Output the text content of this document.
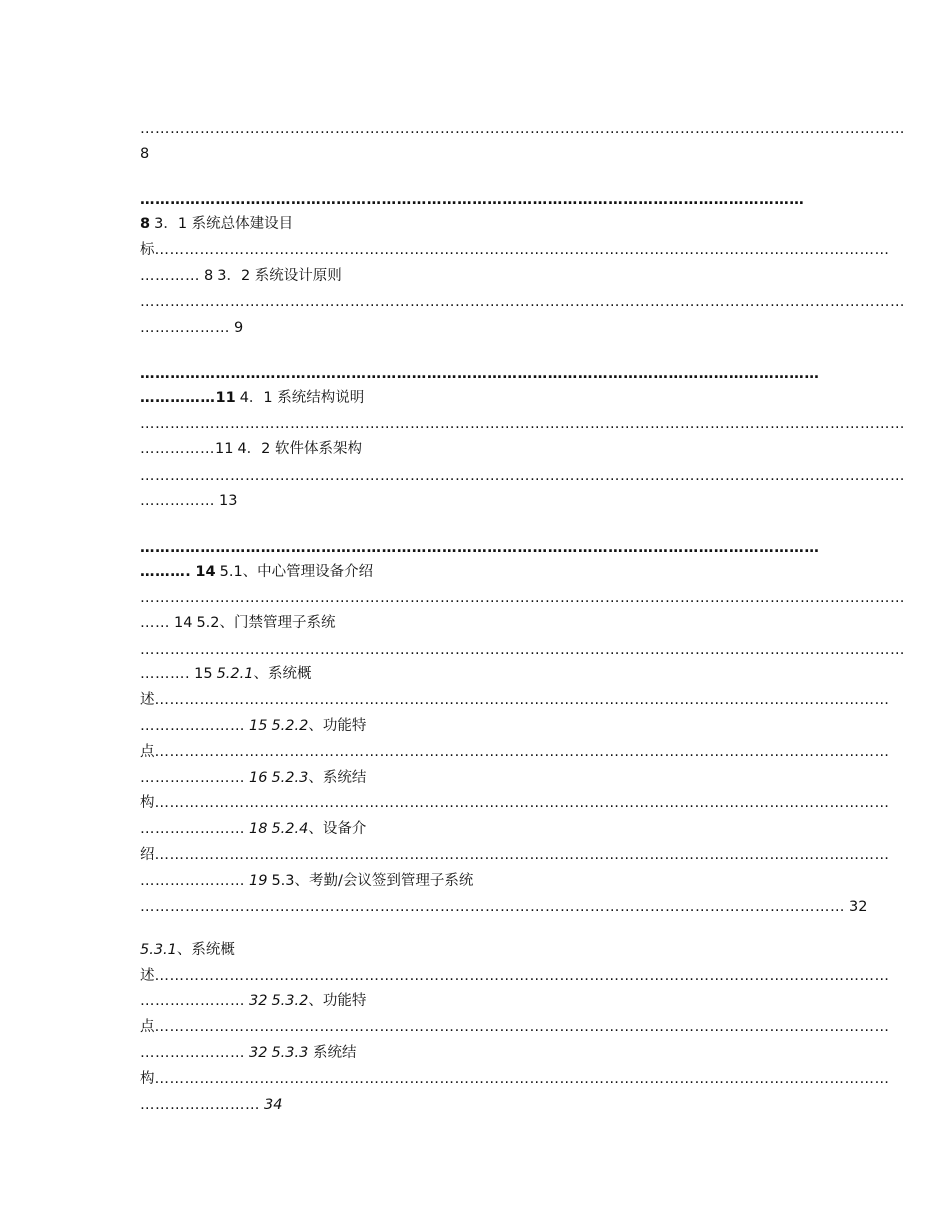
………………………………………………………………………………………………………………………………………
8
……………………………………………………………………………………………………………………
8 3．1 系统总体建设目
标…………………………………………………………………………………………………………………………………
………… 8 3．2 系统设计原则
………………………………………………………………………………………………………………………………………
……………… 9
………………………………………………………………………………………………………………………
……………11 4．1 系统结构说明
………………………………………………………………………………………………………………………………………
……………11 4．2 软件体系架构
………………………………………………………………………………………………………………………………………
…………… 13
………………………………………………………………………………………………………………………
………. 14 5.1、中心管理设备介绍
………………………………………………………………………………………………………………………………………
…… 14 5.2、门禁管理子系统
………………………………………………………………………………………………………………………………………
………. 15 5.2.1、系统概
述…………………………………………………………………………………………………………………………………
………………… 15 5.2.2、功能特
点…………………………………………………………………………………………………………………………………
………………… 16 5.2.3、系统结
构…………………………………………………………………………………………………………………………………
………………… 18 5.2.4、设备介
绍…………………………………………………………………………………………………………………………………
………………… 19 5.3、考勤/会议签到管理子系统
…………………………………………………………………………………………………………………………… 32
5.3.1、系统概
述…………………………………………………………………………………………………………………………………
………………… 32 5.3.2、功能特
点…………………………………………………………………………………………………………………………………
………………… 32 5.3.3 系统结
构…………………………………………………………………………………………………………………………………
…………………… 34
